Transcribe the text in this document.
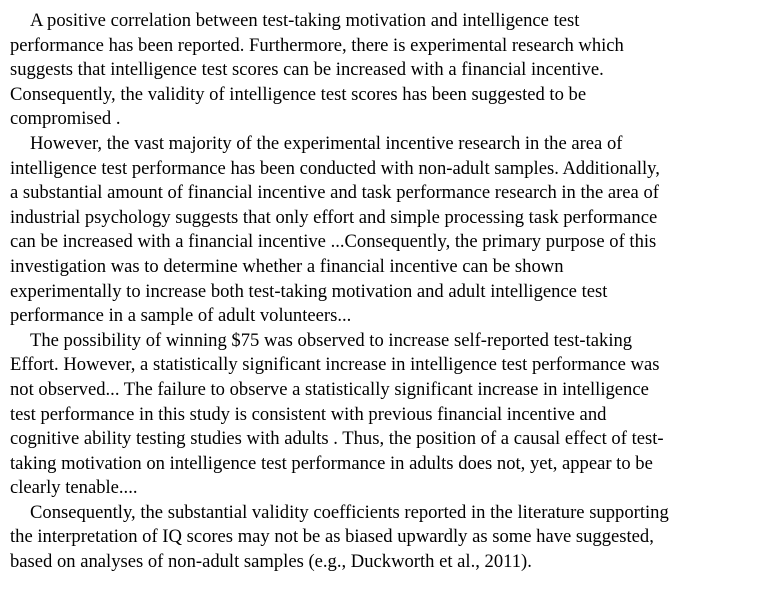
A positive correlation between test-taking motivation and intelligence test
performance has been reported. Furthermore, there is experimental research which
suggests that intelligence test scores can be increased with a financial incentive.
Consequently, the validity of intelligence test scores has been suggested to be
compromised .
However, the vast majority of the experimental incentive research in the area of
intelligence test performance has been conducted with non-adult samples. Additionally,
a substantial amount of financial incentive and task performance research in the area of
industrial psychology suggests that only effort and simple processing task performance
can be increased with a financial incentive ...Consequently, the primary purpose of this
investigation was to determine whether a financial incentive can be shown
experimentally to increase both test-taking motivation and adult intelligence test
performance in a sample of adult volunteers...
The possibility of winning $75 was observed to increase self-reported test-taking
Effort. However, a statistically significant increase in intelligence test performance was
not observed... The failure to observe a statistically significant increase in intelligence
test performance in this study is consistent with previous financial incentive and
cognitive ability testing studies with adults . Thus, the position of a causal effect of test-
taking motivation on intelligence test performance in adults does not, yet, appear to be
clearly tenable....
Consequently, the substantial validity coefficients reported in the literature supporting
the interpretation of IQ scores may not be as biased upwardly as some have suggested,
based on analyses of non-adult samples (e.g., Duckworth et al., 2011).
